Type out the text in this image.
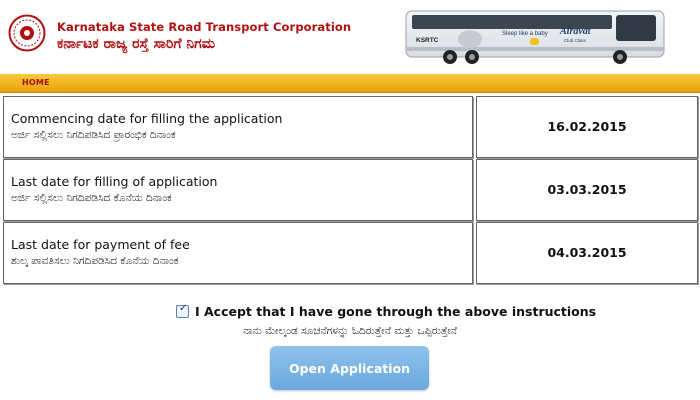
Karnataka State Road Transport Corporation
ಕರ್ನಾಟಕ ರಾಜ್ಯ ರಸ್ತೆ ಸಾರಿಗೆ ನಿಗಮ	KSRTC
Sleep like a baby Airavat
Club Class
HOME
Commencing date for filling the application
ಅರ್ಜಿ ಸಲ್ಲಿಸಲು ನಿಗದಿಪಡಿಸಿದ ಪ್ರಾರಂಭಿಕ ದಿನಾಂಕ
16.02.2015
Last date for filling of application
ಅರ್ಜಿ ಸಲ್ಲಿಸಲು ನಿಗದಿಪಡಿಸಿದ ಕೊನೆಯ ದಿನಾಂಕ
03.03.2015
Last date for payment of fee
ಶುಲ್ಕ ಪಾವತಿಸಲು ನಿಗದಿಪಡಿಸಿದ ಕೊನೆಯ ದಿನಾಂಕ
04.03.2015
✓ I Accept that I have gone through the above instructions
ನಾನು ಮೇಲ್ಕಂಡ ಸೂಚನೆಗಳನ್ನು ಓದಿರುತ್ತೇನೆ ಮತ್ತು ಒಪ್ಪಿರುತ್ತೇನೆ
Open Application
